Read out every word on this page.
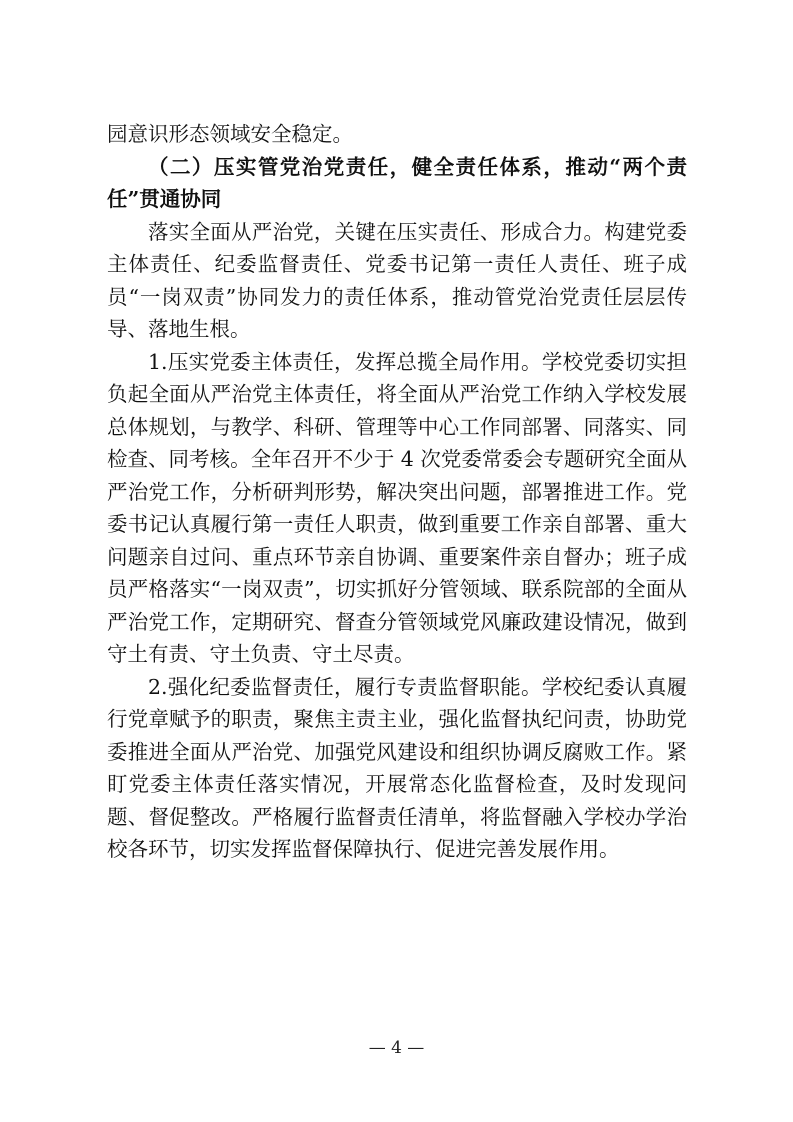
园意识形态领域安全稳定。

（二）压实管党治党责任，健全责任体系，推动“两个责任”贯通协同

落实全面从严治党，关键在压实责任、形成合力。构建党委主体责任、纪委监督责任、党委书记第一责任人责任、班子成员“一岗双责”协同发力的责任体系，推动管党治党责任层层传导、落地生根。

1.压实党委主体责任，发挥总揽全局作用。学校党委切实担负起全面从严治党主体责任，将全面从严治党工作纳入学校发展总体规划，与教学、科研、管理等中心工作同部署、同落实、同检查、同考核。全年召开不少于 4 次党委常委会专题研究全面从严治党工作，分析研判形势，解决突出问题，部署推进工作。党委书记认真履行第一责任人职责，做到重要工作亲自部署、重大问题亲自过问、重点环节亲自协调、重要案件亲自督办；班子成员严格落实“一岗双责”，切实抓好分管领域、联系院部的全面从严治党工作，定期研究、督查分管领域党风廉政建设情况，做到守土有责、守土负责、守土尽责。

2.强化纪委监督责任，履行专责监督职能。学校纪委认真履行党章赋予的职责，聚焦主责主业，强化监督执纪问责，协助党委推进全面从严治党、加强党风建设和组织协调反腐败工作。紧盯党委主体责任落实情况，开展常态化监督检查，及时发现问题、督促整改。严格履行监督责任清单，将监督融入学校办学治校各环节，切实发挥监督保障执行、促进完善发展作用。

— 4 —
